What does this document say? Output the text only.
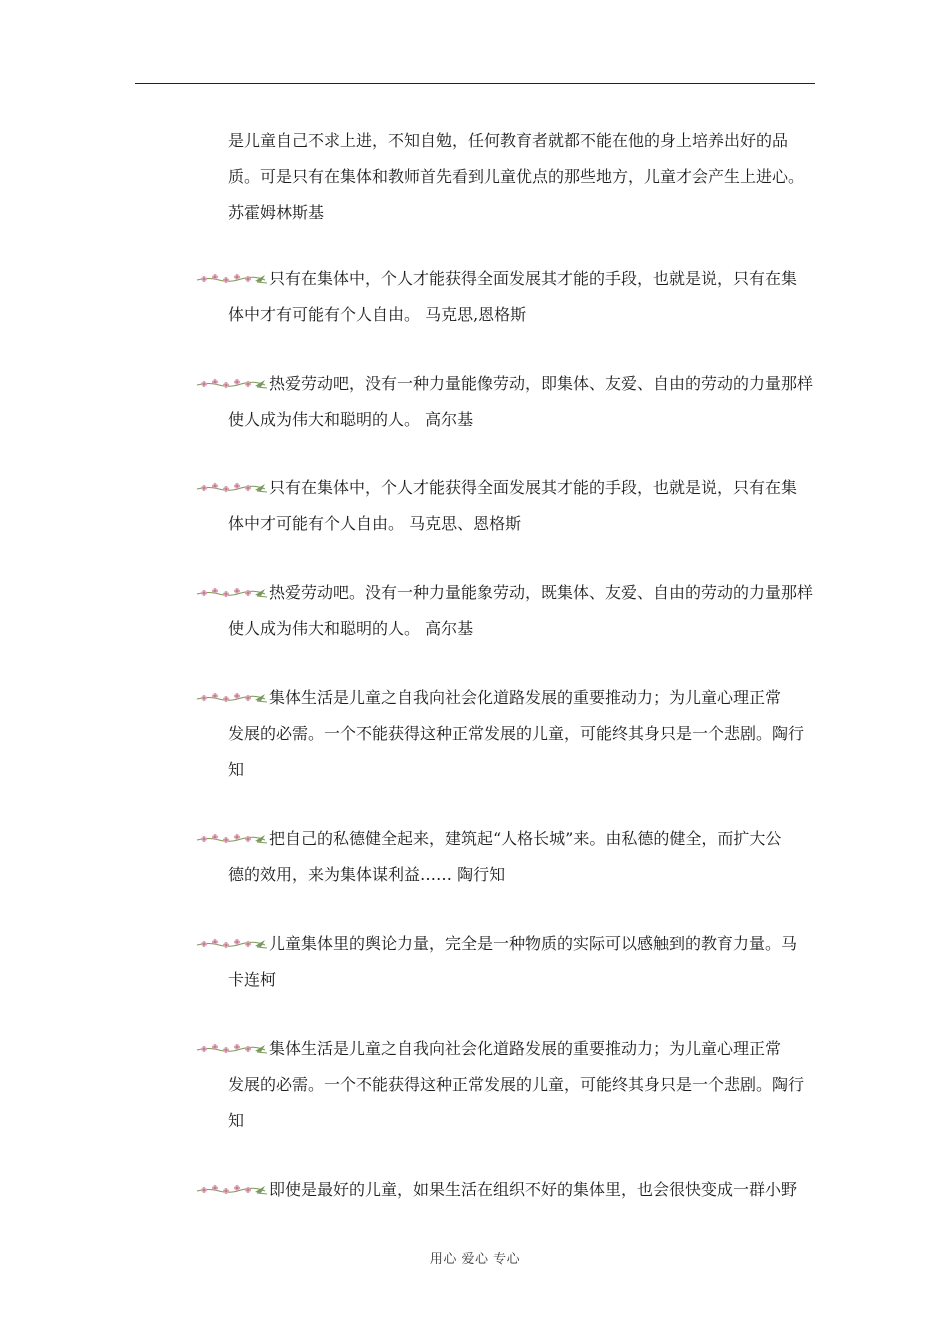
是儿童自己不求上进，不知自勉，任何教育者就都不能在他的身上培养出好的品
质。可是只有在集体和教师首先看到儿童优点的那些地方，儿童才会产生上进心。
苏霍姆林斯基
只有在集体中，个人才能获得全面发展其才能的手段，也就是说，只有在集
体中才有可能有个人自由。 马克思,恩格斯
热爱劳动吧，没有一种力量能像劳动，即集体、友爱、自由的劳动的力量那样
使人成为伟大和聪明的人。 高尔基
只有在集体中，个人才能获得全面发展其才能的手段，也就是说，只有在集
体中才可能有个人自由。 马克思、恩格斯
热爱劳动吧。没有一种力量能象劳动，既集体、友爱、自由的劳动的力量那样
使人成为伟大和聪明的人。 高尔基
集体生活是儿童之自我向社会化道路发展的重要推动力；为儿童心理正常
发展的必需。一个不能获得这种正常发展的儿童，可能终其身只是一个悲剧。陶行
知
把自己的私德健全起来，建筑起“人格长城”来。由私德的健全，而扩大公
德的效用，来为集体谋利益…… 陶行知
儿童集体里的舆论力量，完全是一种物质的实际可以感触到的教育力量。马
卡连柯
集体生活是儿童之自我向社会化道路发展的重要推动力；为儿童心理正常
发展的必需。一个不能获得这种正常发展的儿童，可能终其身只是一个悲剧。陶行
知
即使是最好的儿童，如果生活在组织不好的集体里，也会很快变成一群小野
用心 爱心 专心
